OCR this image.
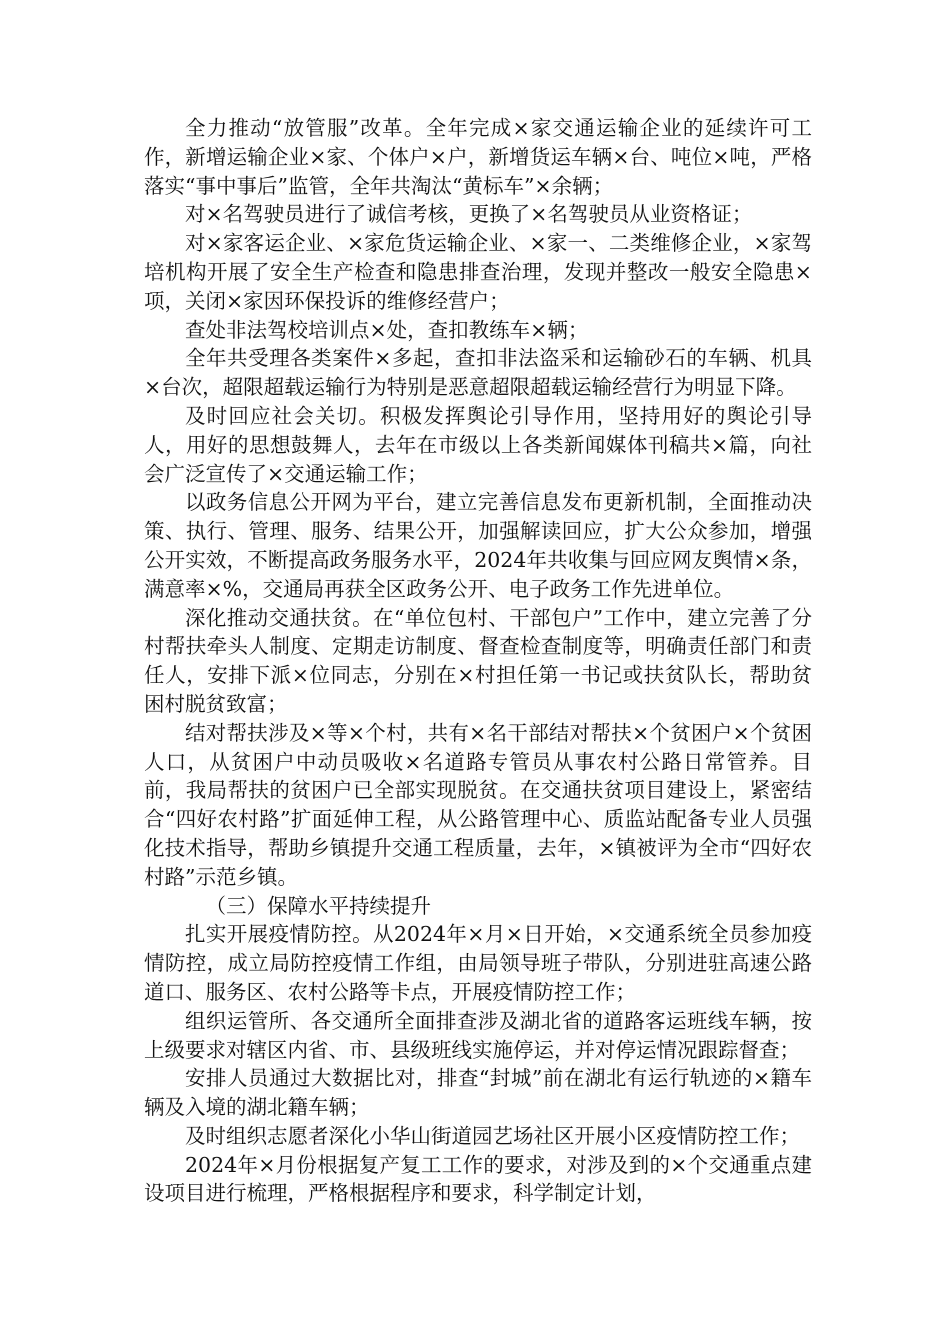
全力推动“放管服”改革。全年完成×家交通运输企业的延续许可工作，新增运输企业×家、个体户×户，新增货运车辆×台、吨位×吨，严格落实“事中事后”监管，全年共淘汰“黄标车”×余辆；

对×名驾驶员进行了诚信考核，更换了×名驾驶员从业资格证；

对×家客运企业、×家危货运输企业、×家一、二类维修企业，×家驾培机构开展了安全生产检查和隐患排查治理，发现并整改一般安全隐患×项，关闭×家因环保投诉的维修经营户；

查处非法驾校培训点×处，查扣教练车×辆；

全年共受理各类案件×多起，查扣非法盗采和运输砂石的车辆、机具×台次，超限超载运输行为特别是恶意超限超载运输经营行为明显下降。

及时回应社会关切。积极发挥舆论引导作用，坚持用好的舆论引导人，用好的思想鼓舞人，去年在市级以上各类新闻媒体刊稿共×篇，向社会广泛宣传了×交通运输工作；

以政务信息公开网为平台，建立完善信息发布更新机制，全面推动决策、执行、管理、服务、结果公开，加强解读回应，扩大公众参加，增强公开实效，不断提高政务服务水平，2024年共收集与回应网友舆情×条，满意率×%，交通局再获全区政务公开、电子政务工作先进单位。

深化推动交通扶贫。在“单位包村、干部包户”工作中，建立完善了分村帮扶牵头人制度、定期走访制度、督查检查制度等，明确责任部门和责任人，安排下派×位同志，分别在×村担任第一书记或扶贫队长，帮助贫困村脱贫致富；

结对帮扶涉及×等×个村，共有×名干部结对帮扶×个贫困户×个贫困人口，从贫困户中动员吸收×名道路专管员从事农村公路日常管养。目前，我局帮扶的贫困户已全部实现脱贫。在交通扶贫项目建设上，紧密结合“四好农村路”扩面延伸工程，从公路管理中心、质监站配备专业人员强化技术指导，帮助乡镇提升交通工程质量，去年，×镇被评为全市“四好农村路”示范乡镇。

（三）保障水平持续提升

扎实开展疫情防控。从2024年×月×日开始，×交通系统全员参加疫情防控，成立局防控疫情工作组，由局领导班子带队，分别进驻高速公路道口、服务区、农村公路等卡点，开展疫情防控工作；

组织运管所、各交通所全面排查涉及湖北省的道路客运班线车辆，按上级要求对辖区内省、市、县级班线实施停运，并对停运情况跟踪督查；

安排人员通过大数据比对，排查“封城”前在湖北有运行轨迹的×籍车辆及入境的湖北籍车辆；

及时组织志愿者深化小华山街道园艺场社区开展小区疫情防控工作；

2024年×月份根据复产复工工作的要求，对涉及到的×个交通重点建设项目进行梳理，严格根据程序和要求，科学制定计划，
